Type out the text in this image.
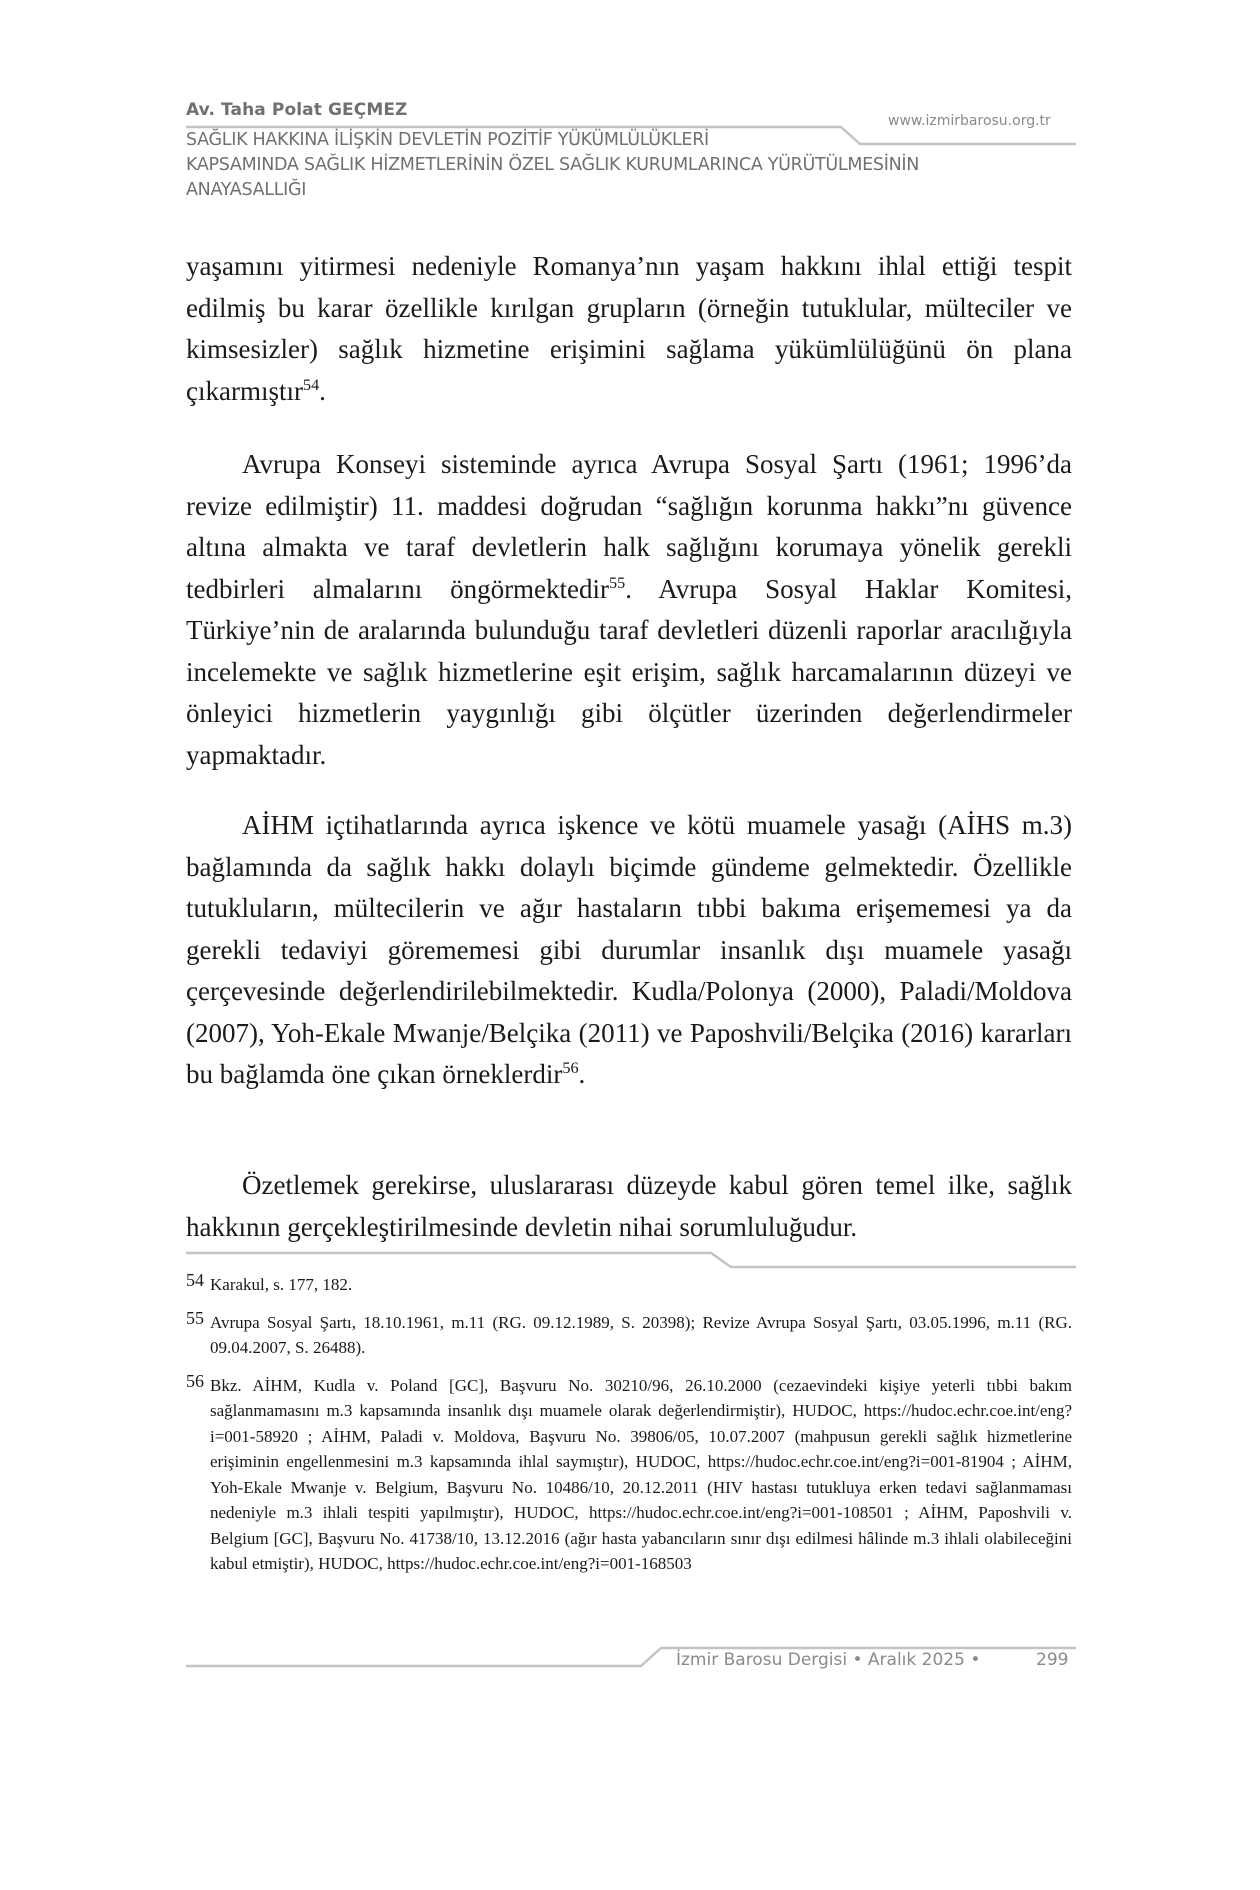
Av. Taha Polat GEÇMEZ
www.izmirbarosu.org.tr
SAĞLIK HAKKINA İLİŞKİN DEVLETİN POZİTİF YÜKÜMLÜLÜKLERİ
KAPSAMINDA SAĞLIK HİZMETLERİNİN ÖZEL SAĞLIK KURUMLARINCA YÜRÜTÜLMESİNİN
ANAYASALLIĞI

yaşamını yitirmesi nedeniyle Romanya’nın yaşam hakkını ihlal ettiği tespit edilmiş bu karar özellikle kırılgan grupların (örneğin tutuklular, mülteciler ve kimsesizler) sağlık hizmetine erişimini sağlama yükümlülüğünü ön plana çıkarmıştır$^{54}$.

Avrupa Konseyi sisteminde ayrıca Avrupa Sosyal Şartı (1961; 1996’da revize edilmiştir) 11. maddesi doğrudan “sağlığın korunma hakkı”nı güvence altına almakta ve taraf devletlerin halk sağlığını korumaya yönelik gerekli tedbirleri almalarını öngörmektedir$^{55}$. Avrupa Sosyal Haklar Komitesi, Türkiye’nin de aralarında bulunduğu taraf devletleri düzenli raporlar aracılığıyla incelemekte ve sağlık hizmetlerine eşit erişim, sağlık harcamalarının düzeyi ve önleyici hizmetlerin yaygınlığı gibi ölçütler üzerinden değerlendirmeler yapmaktadır.

AİHM içtihatlarında ayrıca işkence ve kötü muamele yasağı (AİHS m.3) bağlamında da sağlık hakkı dolaylı biçimde gündeme gelmektedir. Özellikle tutukluların, mültecilerin ve ağır hastaların tıbbi bakıma erişememesi ya da gerekli tedaviyi görememesi gibi durumlar insanlık dışı muamele yasağı çerçevesinde değerlendirilebilmektedir. Kudla/Polonya (2000), Paladi/Moldova (2007), Yoh-Ekale Mwanje/Belçika (2011) ve Paposhvili/Belçika (2016) kararları bu bağlamda öne çıkan örneklerdir$^{56}$.

Özetlemek gerekirse, uluslararası düzeyde kabul gören temel ilke, sağlık hakkının gerçekleştirilmesinde devletin nihai sorumluluğudur.

54 Karakul, s. 177, 182.
55 Avrupa Sosyal Şartı, 18.10.1961, m.11 (RG. 09.12.1989, S. 20398); Revize Avrupa Sosyal Şartı, 03.05.1996, m.11 (RG. 09.04.2007, S. 26488).
56 Bkz. AİHM, Kudla v. Poland [GC], Başvuru No. 30210/96, 26.10.2000 (cezaevindeki kişiye yeterli tıbbi bakım sağlanmamasını m.3 kapsamında insanlık dışı muamele olarak değerlendirmiştir), HUDOC, https://hudoc.echr.coe.int/eng?i=001-58920 ; AİHM, Paladi v. Moldova, Başvuru No. 39806/05, 10.07.2007 (mahpusun gerekli sağlık hizmetlerine erişiminin engellenmesini m.3 kapsamında ihlal saymıştır), HUDOC, https://hudoc.echr.coe.int/eng?i=001-81904 ; AİHM, Yoh-Ekale Mwanje v. Belgium, Başvuru No. 10486/10, 20.12.2011 (HIV hastası tutukluya erken tedavi sağlanmaması nedeniyle m.3 ihlali tespiti yapılmıştır), HUDOC, https://hudoc.echr.coe.int/eng?i=001-108501 ; AİHM, Paposhvili v. Belgium [GC], Başvuru No. 41738/10, 13.12.2016 (ağır hasta yabancıların sınır dışı edilmesi hâlinde m.3 ihlali olabileceğini kabul etmiştir), HUDOC, https://hudoc.echr.coe.int/eng?i=001-168503
İzmir Barosu Dergisi • Aralık 2025 •	299
